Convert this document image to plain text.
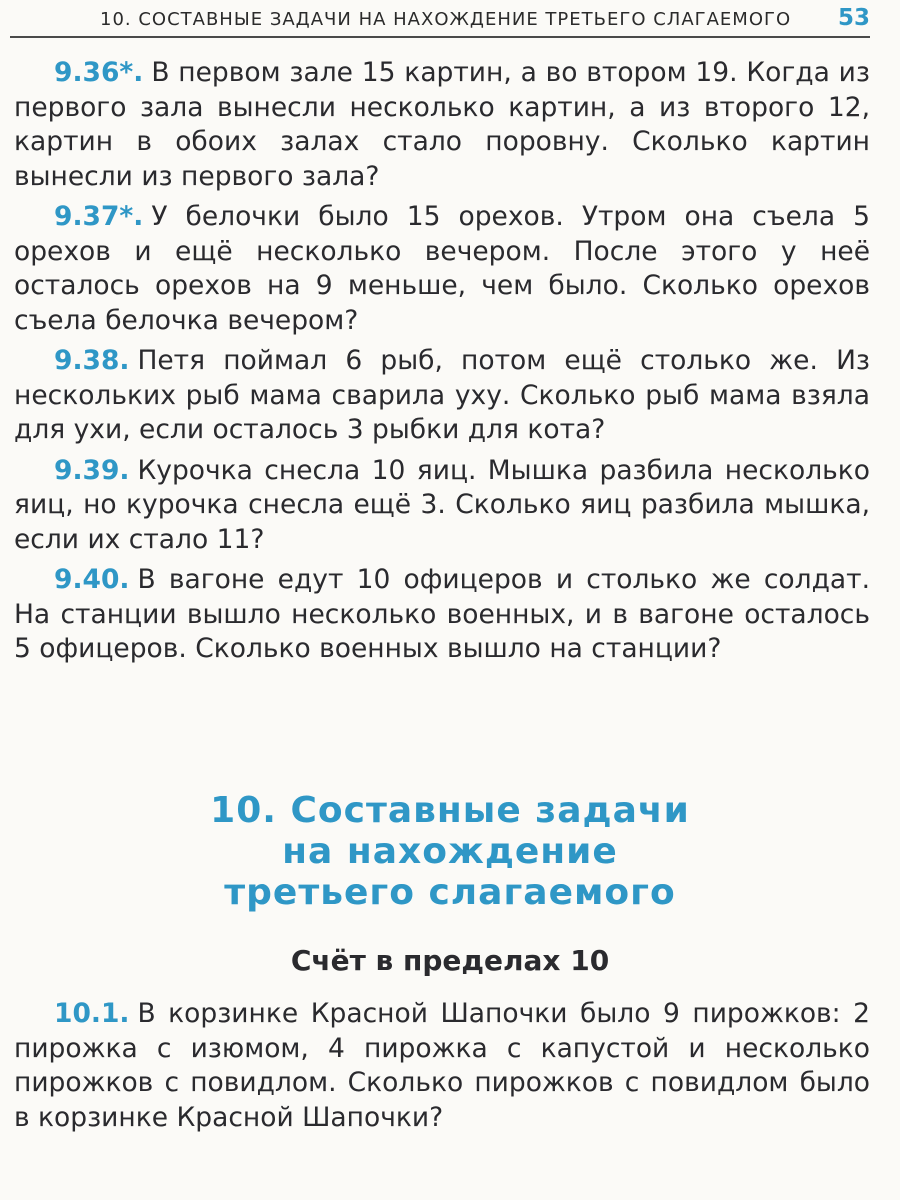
10. СОСТАВНЫЕ ЗАДАЧИ НА НАХОЖДЕНИЕ ТРЕТЬЕГО СЛАГАЕМОГО 53

9.36*. В первом зале 15 картин, а во втором 19. Когда из первого зала вынесли несколько картин, а из второго 12, картин в обоих залах стало поровну. Сколько картин вынесли из первого зала?

9.37*. У белочки было 15 орехов. Утром она съела 5 орехов и ещё несколько вечером. После этого у неё осталось орехов на 9 меньше, чем было. Сколько орехов съела белочка вечером?

9.38. Петя поймал 6 рыб, потом ещё столько же. Из нескольких рыб мама сварила уху. Сколько рыб мама взяла для ухи, если осталось 3 рыбки для кота?

9.39. Курочка снесла 10 яиц. Мышка разбила несколько яиц, но курочка снесла ещё 3. Сколько яиц разбила мышка, если их стало 11?

9.40. В вагоне едут 10 офицеров и столько же солдат. На станции вышло несколько военных, и в вагоне осталось 5 офицеров. Сколько военных вышло на станции?

10. Составные задачи
на нахождение
третьего слагаемого
Счёт в пределах 10

10.1. В корзинке Красной Шапочки было 9 пирожков: 2 пирожка с изюмом, 4 пирожка с капустой и несколько пирожков с повидлом. Сколько пирожков с повидлом было в корзинке Красной Шапочки?
